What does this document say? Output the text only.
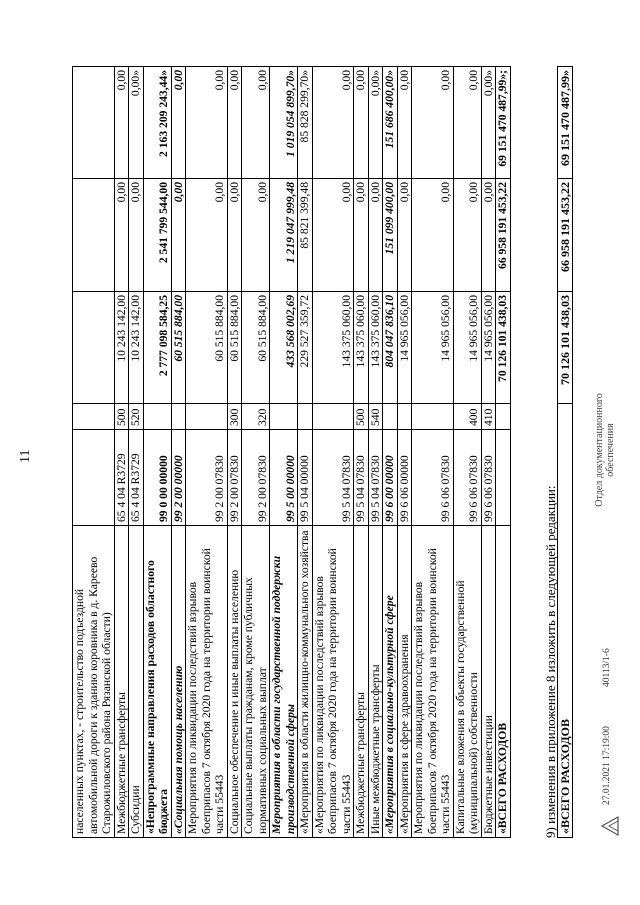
11
населенных пунктах, - строительство подъездной автомобильной дороги к зданию коровника в д. Кареево Старожиловского района Рязанской области)					
Межбюджетные трансферты	65 4 04 R3729	500	10 243 142,00	0,00	0,00
Субсидии	65 4 04 R3729	520	10 243 142,00	0,00	0,00»
«Непрограммные направления расходов областного бюджета	99 0 00 00000		2 777 098 584,25	2 541 799 544,00	2 163 209 243,44»
«Социальная помощь населению	99 2 00 00000		60 515 884,00	0,00	0,00
Мероприятия по ликвидации последствий взрывов боеприпасов 7 октября 2020 года на территории воинской части 55443	99 2 00 07830		60 515 884,00	0,00	0,00
Социальное обеспечение и иные выплаты населению	99 2 00 07830	300	60 515 884,00	0,00	0,00
Социальные выплаты гражданам, кроме публичных нормативных социальных выплат	99 2 00 07830	320	60 515 884,00	0,00	0,00
Мероприятия в области государственной поддержки производственной сферы	99 5 00 00000		433 568 002,69	1 219 047 999,48	1 019 054 899,70»
«Мероприятия в области жилищно-коммунального хозяйства	99 5 04 00000		229 527 359,72	85 821 399,48	85 828 299,70»
«Мероприятия по ликвидации последствий взрывов боеприпасов 7 октября 2020 года на территории воинской части 55443	99 5 04 07830		143 375 060,00	0,00	0,00
Межбюджетные трансферты	99 5 04 07830	500	143 375 060,00	0,00	0,00
Иные межбюджетные трансферты	99 5 04 07830	540	143 375 060,00	0,00	0,00»
«Мероприятия в социально-культурной сфере	99 6 00 00000		804 047 836,10	151 099 400,00	151 686 400,00»
«Мероприятия в сфере здравоохранения	99 6 06 00000		14 965 056,00	0,00	0,00
Мероприятия по ликвидации последствий взрывов боеприпасов 7 октября 2020 года на территории воинской части 55443	99 6 06 07830		14 965 056,00	0,00	0,00
Капитальные вложения в объекты государственной (муниципальной) собственности	99 6 06 07830	400	14 965 056,00	0,00	0,00
Бюджетные инвестиции	99 6 06 07830	410	14 965 056,00	0,00	0,00»
«ВСЕГО РАСХОДОВ			70 126 101 438,03	66 958 191 453,22	69 151 470 487,99»;
9) изменения в приложение 8 изложить в следующей редакции: «ВСЕГО РАСХОДОВ	70 126 101 438,03	66 958 191 453,22	69 151 470 487,99»
27.01.2021 17:19:00
40113/1-6
Отдел документационного обеспечения
